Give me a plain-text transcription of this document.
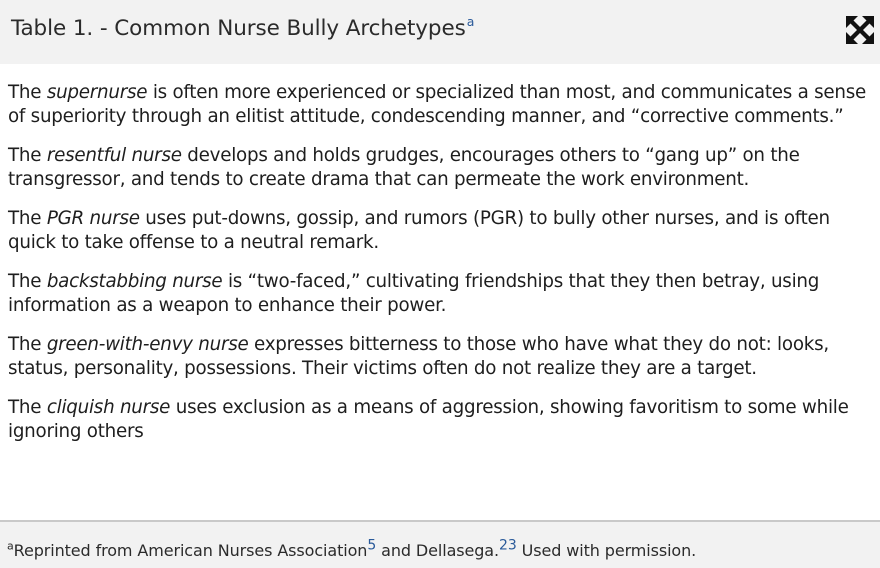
Table 1. - Common Nurse Bully Archetypes$^a$

The supernurse is often more experienced or specialized than most, and communicates a sense of superiority through an elitist attitude, condescending manner, and “corrective comments.”

The resentful nurse develops and holds grudges, encourages others to “gang up” on the transgressor, and tends to create drama that can permeate the work environment.

The PGR nurse uses put-downs, gossip, and rumors (PGR) to bully other nurses, and is often quick to take offense to a neutral remark.

The backstabbing nurse is “two-faced,” cultivating friendships that they then betray, using information as a weapon to enhance their power.

The green-with-envy nurse expresses bitterness to those who have what they do not: looks, status, personality, possessions. Their victims often do not realize they are a target.

The cliquish nurse uses exclusion as a means of aggression, showing favoritism to some while ignoring others

$^a$Reprinted from American Nurses Association5 and Dellasega.23 Used with permission.
